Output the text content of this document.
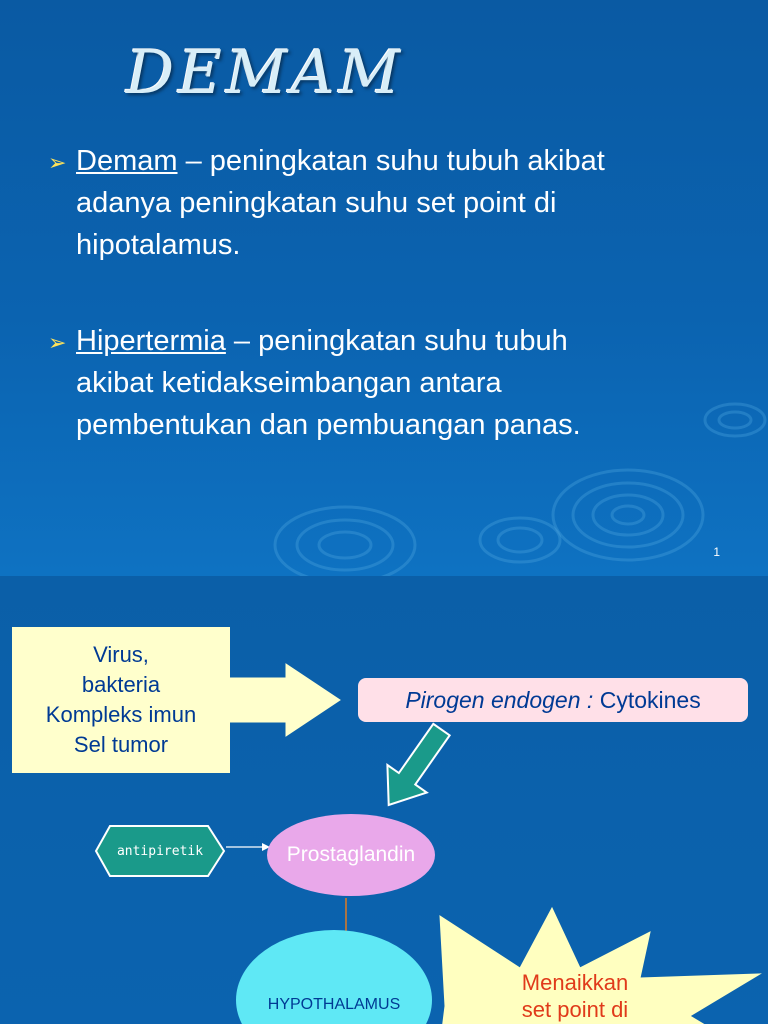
DEMAM
➢ Demam – peningkatan suhu tubuh akibat
adanya peningkatan suhu set point di
hipotalamus.
➢ Hipertermia – peningkatan suhu tubuh
akibat ketidakseimbangan antara
pembentukan dan pembuangan panas.
1
Virus,
bakteria
Kompleks imun
Sel tumor
Pirogen endogen :
Cytokines
antipiretik	Prostaglandin
HYPOTHALAMUS
Menaikkan
set point di
